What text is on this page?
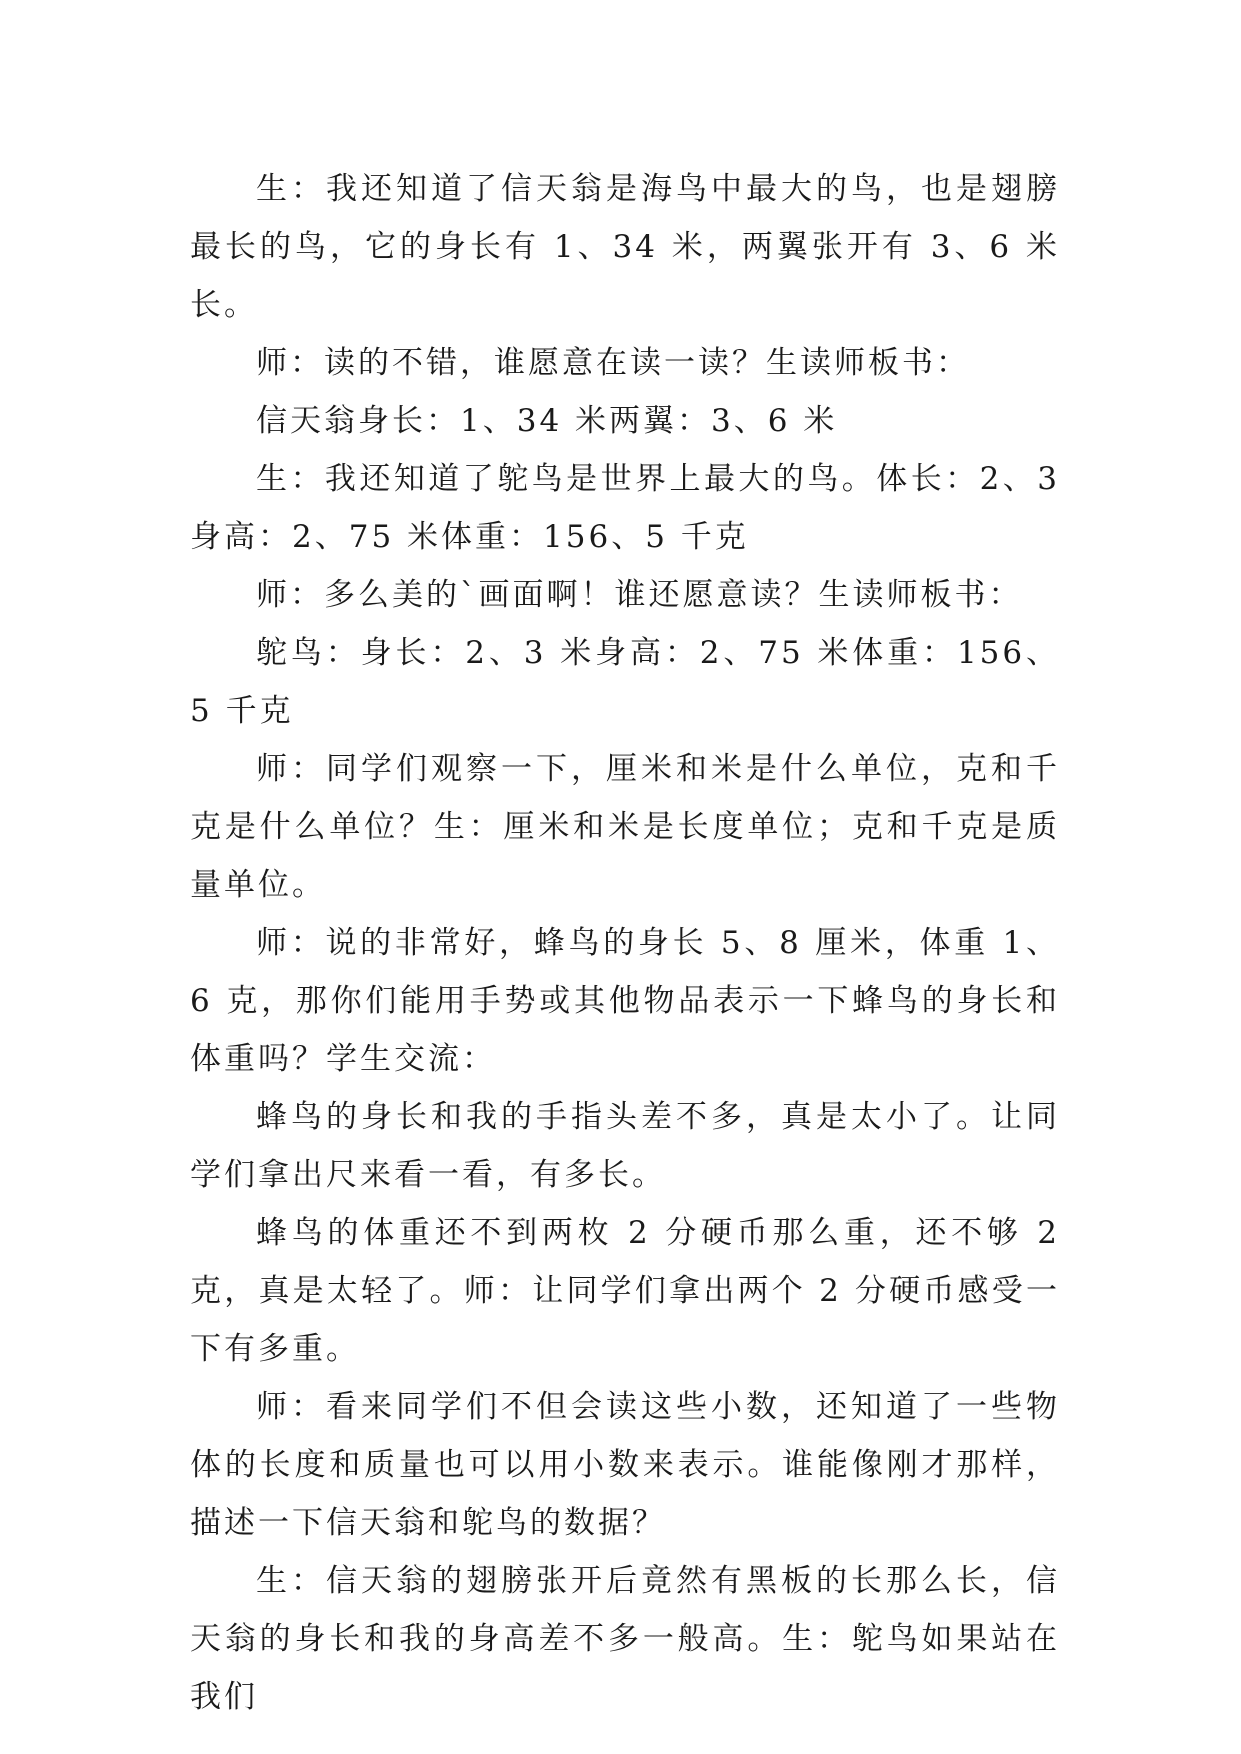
生：我还知道了信天翁是海鸟中最大的鸟，也是翅膀最长的鸟，它的身长有 1、34 米，两翼张开有 3、6 米长。

师：读的不错，谁愿意在读一读？生读师板书：

信天翁身长：1、34 米两翼：3、6 米

生：我还知道了鸵鸟是世界上最大的鸟。体长：2、3 身高：2、75 米体重：156、5 千克

师：多么美的`画面啊！谁还愿意读？生读师板书：

鸵鸟：身长：2、3 米身高：2、75 米体重：156、5 千克

师：同学们观察一下，厘米和米是什么单位，克和千克是什么单位？生：厘米和米是长度单位；克和千克是质量单位。

师：说的非常好，蜂鸟的身长 5、8 厘米，体重 1、6 克，那你们能用手势或其他物品表示一下蜂鸟的身长和体重吗？学生交流：

蜂鸟的身长和我的手指头差不多，真是太小了。让同学们拿出尺来看一看，有多长。

蜂鸟的体重还不到两枚 2 分硬币那么重，还不够 2 克，真是太轻了。师：让同学们拿出两个 2 分硬币感受一下有多重。

师：看来同学们不但会读这些小数，还知道了一些物体的长度和质量也可以用小数来表示。谁能像刚才那样，描述一下信天翁和鸵鸟的数据？

生：信天翁的翅膀张开后竟然有黑板的长那么长，信天翁的身长和我的身高差不多一般高。生：鸵鸟如果站在我们
